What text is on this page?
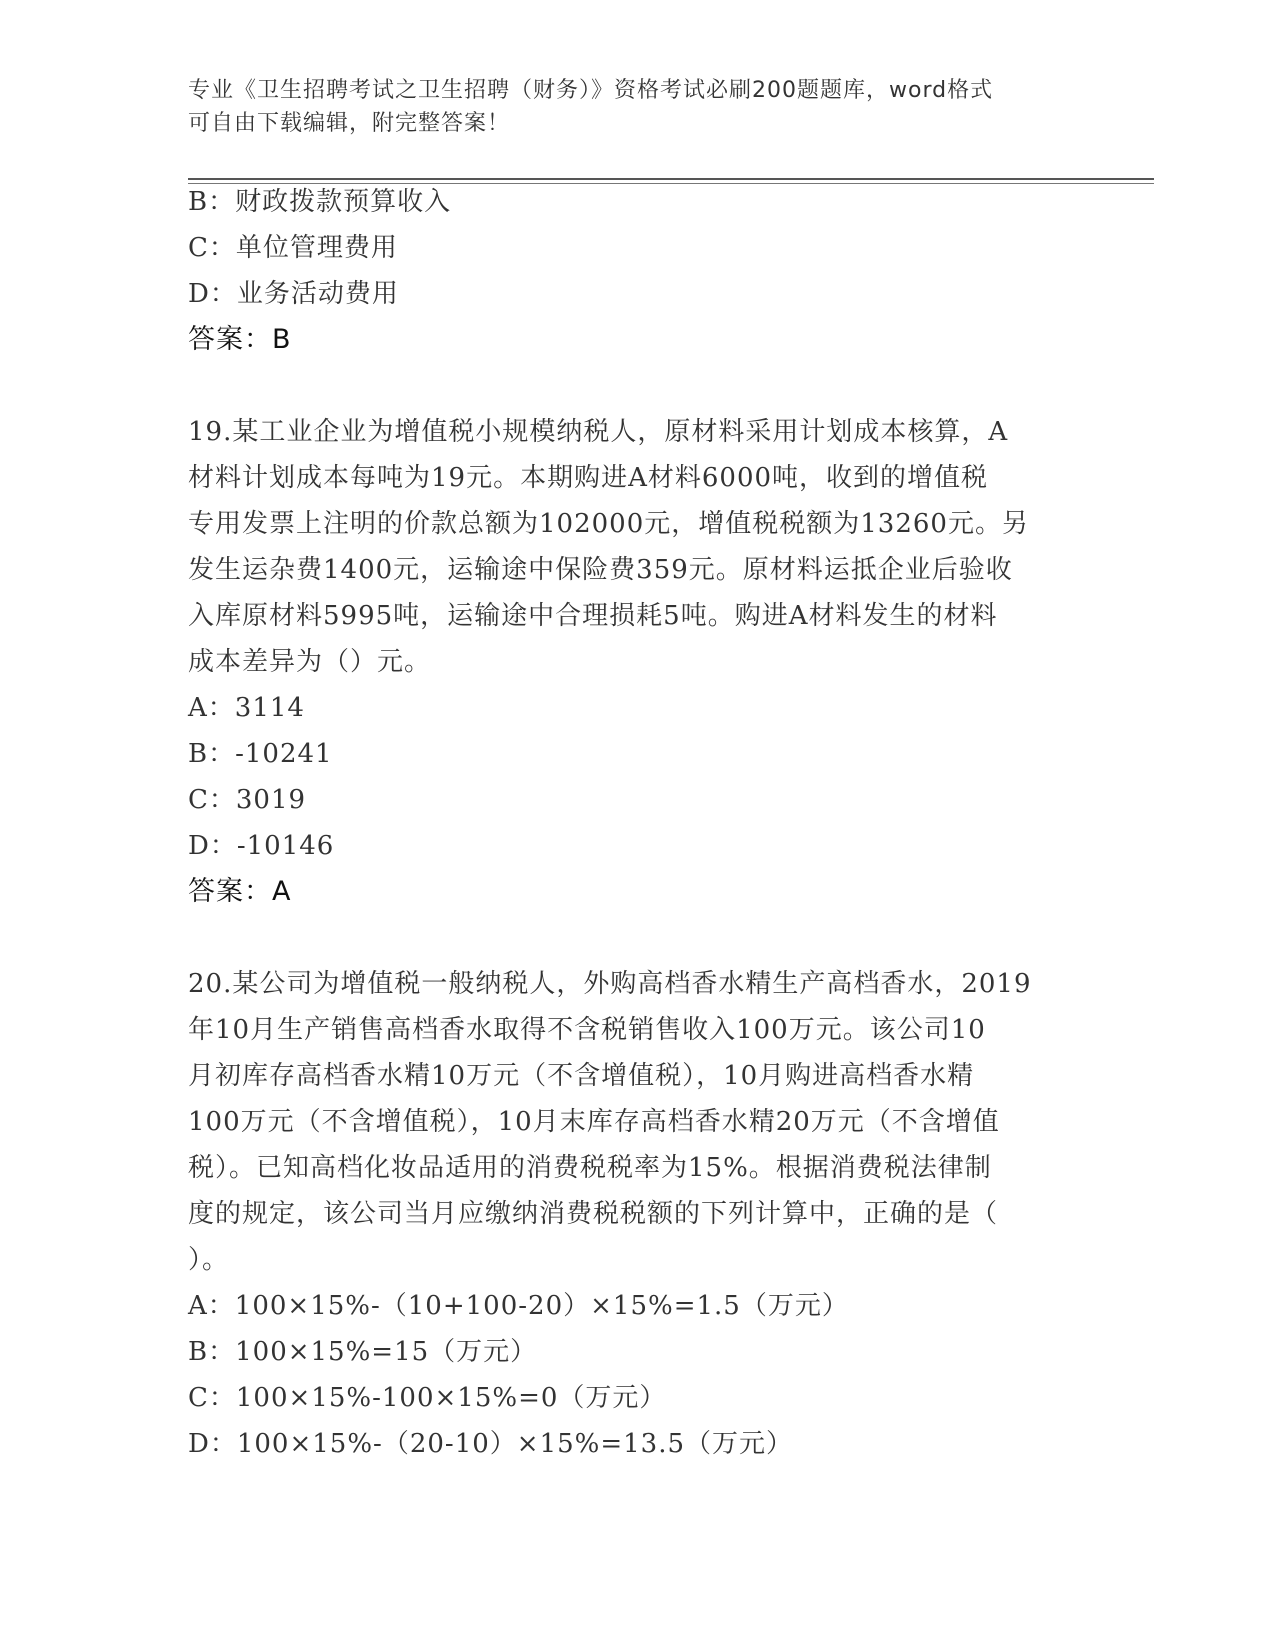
专业《卫生招聘考试之卫生招聘（财务）》资格考试必刷200题题库，word格式
可自由下载编辑，附完整答案！
B：财政拨款预算收入
C：单位管理费用
D：业务活动费用
答案：B
19.某工业企业为增值税小规模纳税人，原材料采用计划成本核算，A
材料计划成本每吨为19元。本期购进A材料6000吨，收到的增值税
专用发票上注明的价款总额为102000元，增值税税额为13260元。另
发生运杂费1400元，运输途中保险费359元。原材料运抵企业后验收
入库原材料5995吨，运输途中合理损耗5吨。购进A材料发生的材料
成本差异为（）元。
A：3114
B：-10241
C：3019
D：-10146
答案：A
20.某公司为增值税一般纳税人，外购高档香水精生产高档香水，2019
年10月生产销售高档香水取得不含税销售收入100万元。该公司10
月初库存高档香水精10万元（不含增值税），10月购进高档香水精
100万元（不含增值税），10月末库存高档香水精20万元（不含增值
税）。已知高档化妆品适用的消费税税率为15%。根据消费税法律制
度的规定，该公司当月应缴纳消费税税额的下列计算中，正确的是（
）。
A：100×15%-（10+100-20）×15%=1.5（万元）
B：100×15%=15（万元）
C：100×15%-100×15%=0（万元）
D：100×15%-（20-10）×15%=13.5（万元）
